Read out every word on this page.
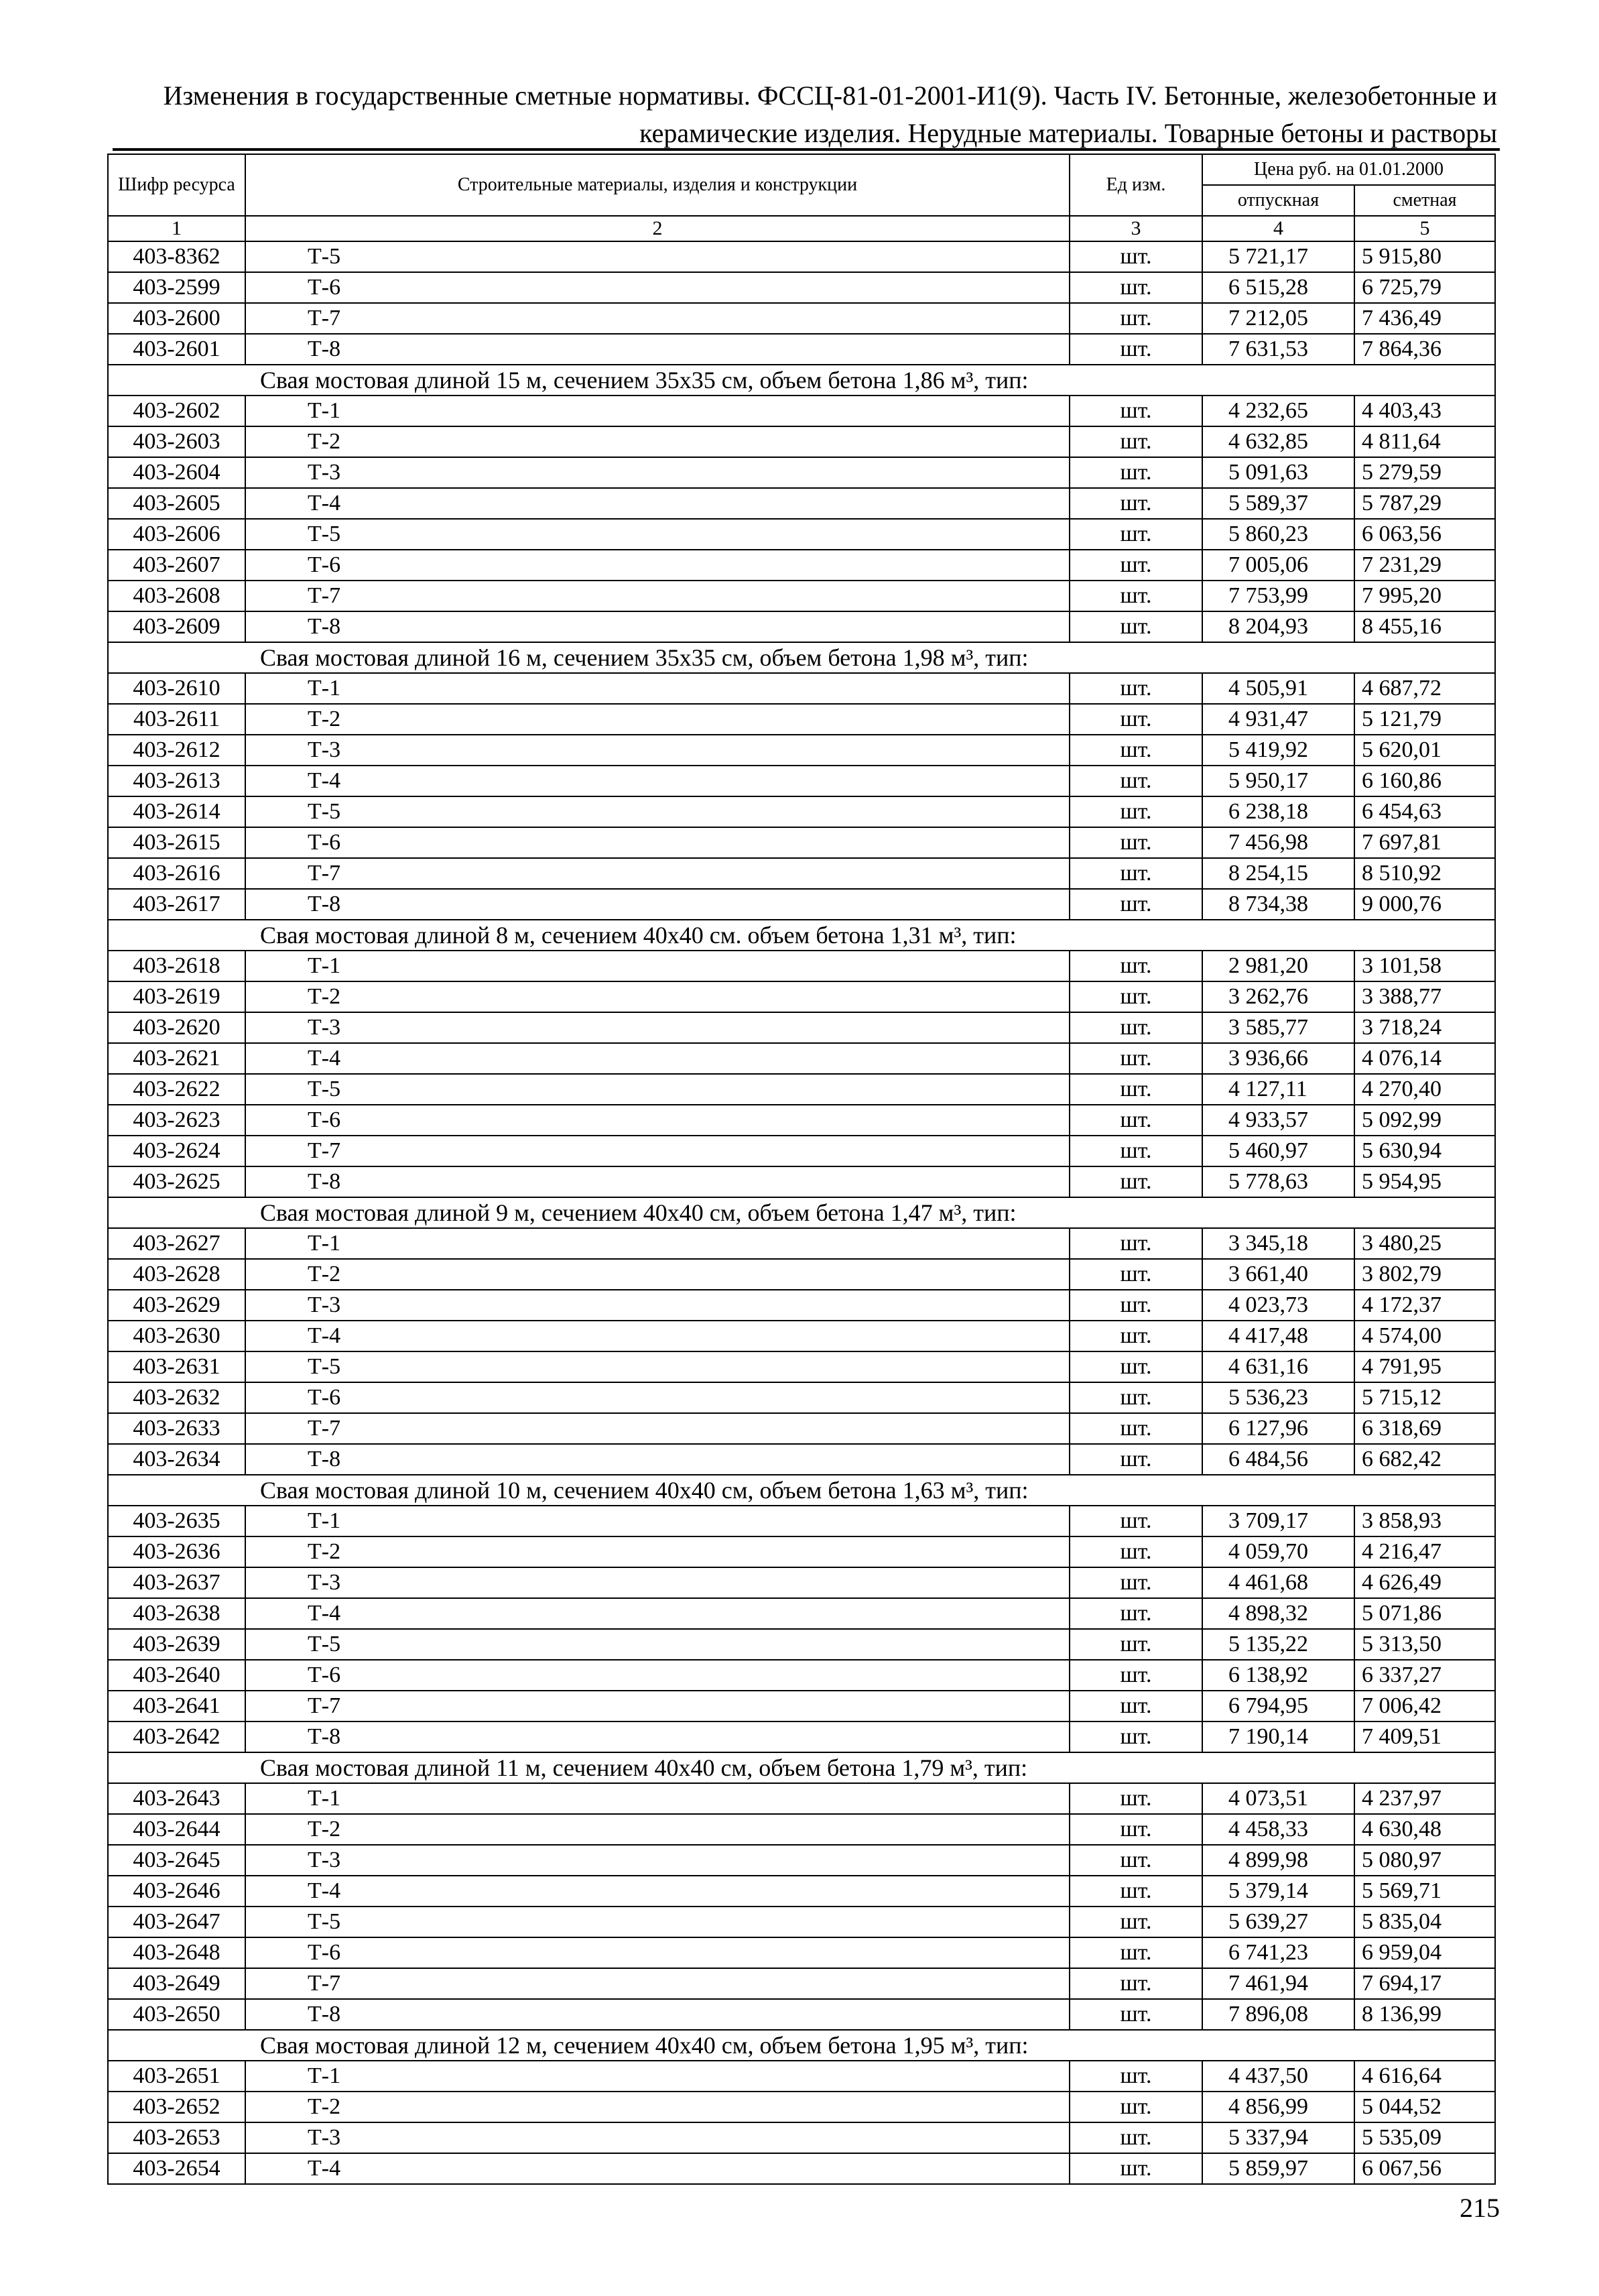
Изменения в государственные сметные нормативы. ФССЦ-81-01-2001-И1(9). Часть IV. Бетонные, железобетонные и
керамические изделия. Нерудные материалы. Товарные бетоны и растворы
Шифр ресурса	Строительные материалы, изделия и конструкции	Ед изм.	Цена руб. на 01.01.2000	
			отпускная	сметная
1	2	3	4	5
403-8362	Т-5	шт.	5 721,17	5 915,80
403-2599	Т-6	шт.	6 515,28	6 725,79
403-2600	Т-7	шт.	7 212,05	7 436,49
403-2601	Т-8	шт.	7 631,53	7 864,36
Свая мостовая длиной 15 м, сечением 35x35 см, объем бетона 1,86 м³, тип:				
403-2602	Т-1	шт.	4 232,65	4 403,43
403-2603	Т-2	шт.	4 632,85	4 811,64
403-2604	Т-3	шт.	5 091,63	5 279,59
403-2605	Т-4	шт.	5 589,37	5 787,29
403-2606	Т-5	шт.	5 860,23	6 063,56
403-2607	Т-6	шт.	7 005,06	7 231,29
403-2608	Т-7	шт.	7 753,99	7 995,20
403-2609	Т-8	шт.	8 204,93	8 455,16
Свая мостовая длиной 16 м, сечением 35x35 см, объем бетона 1,98 м³, тип:				
403-2610	Т-1	шт.	4 505,91	4 687,72
403-2611	Т-2	шт.	4 931,47	5 121,79
403-2612	Т-3	шт.	5 419,92	5 620,01
403-2613	Т-4	шт.	5 950,17	6 160,86
403-2614	Т-5	шт.	6 238,18	6 454,63
403-2615	Т-6	шт.	7 456,98	7 697,81
403-2616	Т-7	шт.	8 254,15	8 510,92
403-2617	Т-8	шт.	8 734,38	9 000,76
Свая мостовая длиной 8 м, сечением 40x40 см. объем бетона 1,31 м³, тип:				
403-2618	Т-1	шт.	2 981,20	3 101,58
403-2619	Т-2	шт.	3 262,76	3 388,77
403-2620	Т-3	шт.	3 585,77	3 718,24
403-2621	Т-4	шт.	3 936,66	4 076,14
403-2622	Т-5	шт.	4 127,11	4 270,40
403-2623	Т-6	шт.	4 933,57	5 092,99
403-2624	Т-7	шт.	5 460,97	5 630,94
403-2625	Т-8	шт.	5 778,63	5 954,95
Свая мостовая длиной 9 м, сечением 40x40 см, объем бетона 1,47 м³, тип:				
403-2627	Т-1	шт.	3 345,18	3 480,25
403-2628	Т-2	шт.	3 661,40	3 802,79
403-2629	Т-3	шт.	4 023,73	4 172,37
403-2630	Т-4	шт.	4 417,48	4 574,00
403-2631	Т-5	шт.	4 631,16	4 791,95
403-2632	Т-6	шт.	5 536,23	5 715,12
403-2633	Т-7	шт.	6 127,96	6 318,69
403-2634	Т-8	шт.	6 484,56	6 682,42
Свая мостовая длиной 10 м, сечением 40x40 см, объем бетона 1,63 м³, тип:				
403-2635	Т-1	шт.	3 709,17	3 858,93
403-2636	Т-2	шт.	4 059,70	4 216,47
403-2637	Т-3	шт.	4 461,68	4 626,49
403-2638	Т-4	шт.	4 898,32	5 071,86
403-2639	Т-5	шт.	5 135,22	5 313,50
403-2640	Т-6	шт.	6 138,92	6 337,27
403-2641	Т-7	шт.	6 794,95	7 006,42
403-2642	Т-8	шт.	7 190,14	7 409,51
Свая мостовая длиной 11 м, сечением 40x40 см, объем бетона 1,79 м³, тип:				
403-2643	Т-1	шт.	4 073,51	4 237,97
403-2644	Т-2	шт.	4 458,33	4 630,48
403-2645	Т-3	шт.	4 899,98	5 080,97
403-2646	Т-4	шт.	5 379,14	5 569,71
403-2647	Т-5	шт.	5 639,27	5 835,04
403-2648	Т-6	шт.	6 741,23	6 959,04
403-2649	Т-7	шт.	7 461,94	7 694,17
403-2650	Т-8	шт.	7 896,08	8 136,99
Свая мостовая длиной 12 м, сечением 40x40 см, объем бетона 1,95 м³, тип:				
403-2651	Т-1	шт.	4 437,50	4 616,64
403-2652	Т-2	шт.	4 856,99	5 044,52
403-2653	Т-3	шт.	5 337,94	5 535,09
403-2654	Т-4	шт.	5 859,97	6 067,56
215
